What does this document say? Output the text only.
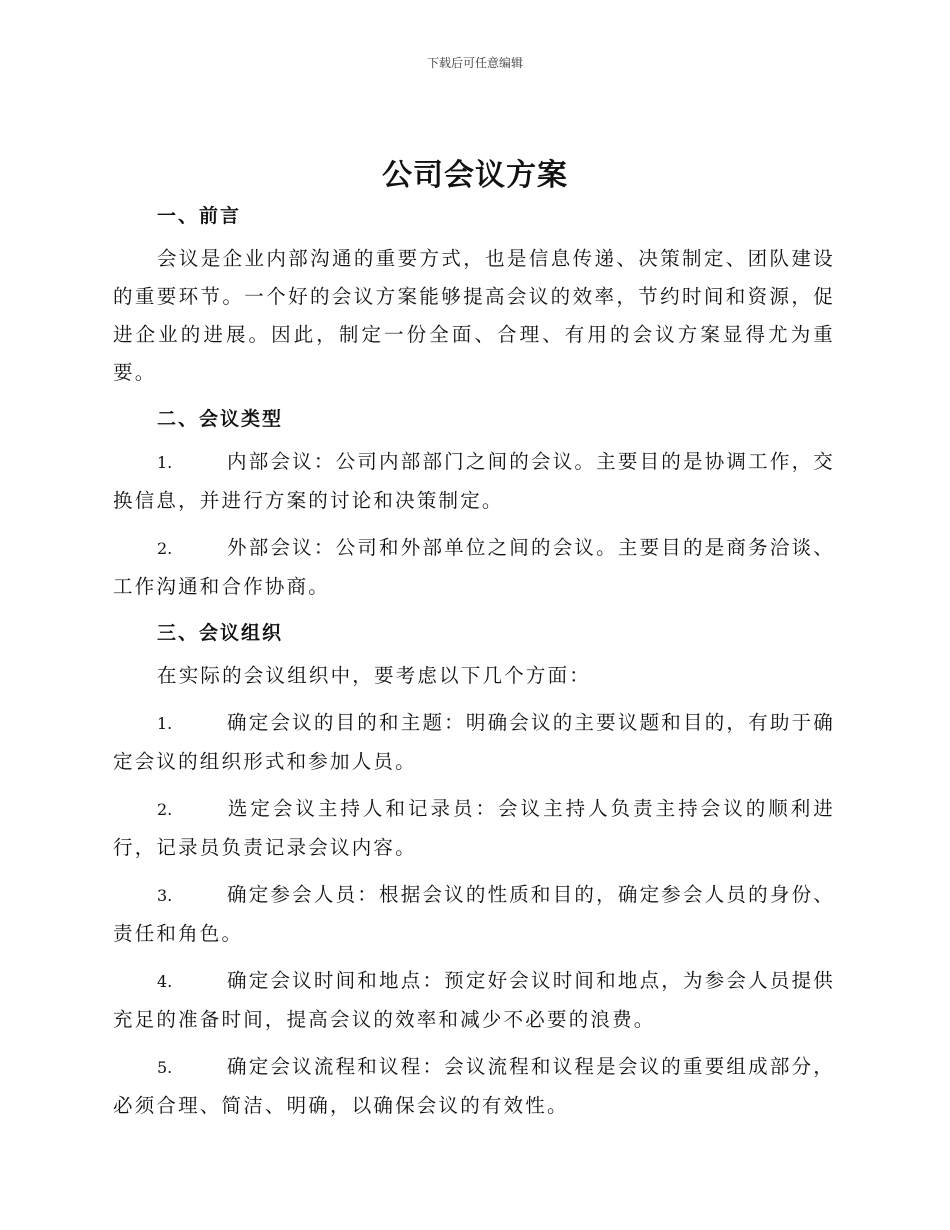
下载后可任意编辑
公司会议方案
一、前言

会议是企业内部沟通的重要方式，也是信息传递、决策制定、团队建设的重要环节。一个好的会议方案能够提高会议的效率，节约时间和资源，促进企业的进展。因此，制定一份全面、合理、有用的会议方案显得尤为重要。

二、会议类型
1.	内部会议：公司内部部门之间的会议。主要目的是协调工作，交换信息，并进行方案的讨论和决策制定。
2.	外部会议：公司和外部单位之间的会议。主要目的是商务洽谈、工作沟通和合作协商。
三、会议组织

在实际的会议组织中，要考虑以下几个方面：

1.	确定会议的目的和主题：明确会议的主要议题和目的，有助于确定会议的组织形式和参加人员。
2.	选定会议主持人和记录员：会议主持人负责主持会议的顺利进行，记录员负责记录会议内容。
3.	确定参会人员：根据会议的性质和目的，确定参会人员的身份、责任和角色。
4.	确定会议时间和地点：预定好会议时间和地点，为参会人员提供充足的准备时间，提高会议的效率和减少不必要的浪费。
5.	确定会议流程和议程：会议流程和议程是会议的重要组成部分，必须合理、简洁、明确，以确保会议的有效性。
